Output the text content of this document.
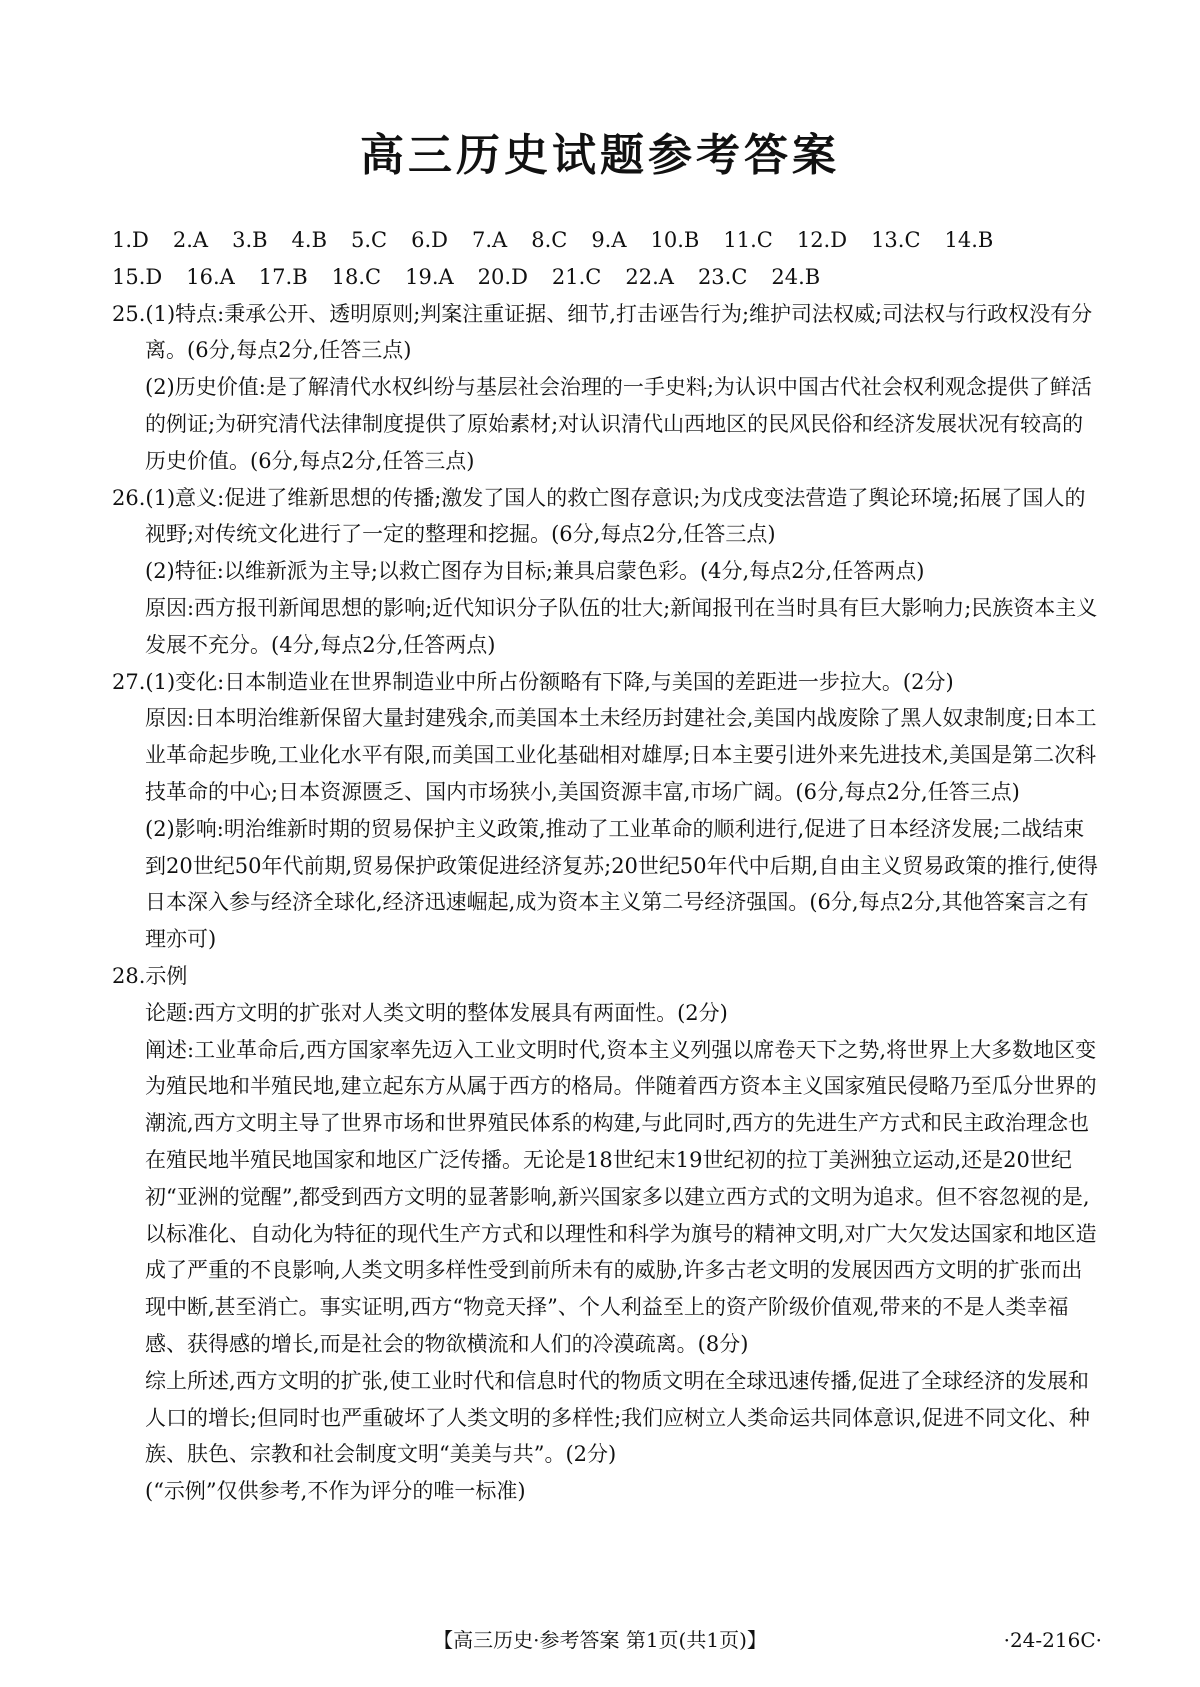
高三历史试题参考答案
1.D 2.A 3.B 4.B 5.C 6.D 7.A 8.C 9.A 10.B 11.C 12.D 13.C 14.B
15.D 16.A 17.B 18.C 19.A 20.D 21.C 22.A 23.C 24.B

25.(1)特点:秉承公开、透明原则;判案注重证据、细节,打击诬告行为;维护司法权威;司法权与行政权没有分离。(6分,每点2分,任答三点)

(2)历史价值:是了解清代水权纠纷与基层社会治理的一手史料;为认识中国古代社会权利观念提供了鲜活的例证;为研究清代法律制度提供了原始素材;对认识清代山西地区的民风民俗和经济发展状况有较高的历史价值。(6分,每点2分,任答三点)

26.(1)意义:促进了维新思想的传播;激发了国人的救亡图存意识;为戊戌变法营造了舆论环境;拓展了国人的视野;对传统文化进行了一定的整理和挖掘。(6分,每点2分,任答三点)

(2)特征:以维新派为主导;以救亡图存为目标;兼具启蒙色彩。(4分,每点2分,任答两点)

原因:西方报刊新闻思想的影响;近代知识分子队伍的壮大;新闻报刊在当时具有巨大影响力;民族资本主义发展不充分。(4分,每点2分,任答两点)

27.(1)变化:日本制造业在世界制造业中所占份额略有下降,与美国的差距进一步拉大。(2分)

原因:日本明治维新保留大量封建残余,而美国本土未经历封建社会,美国内战废除了黑人奴隶制度;日本工业革命起步晚,工业化水平有限,而美国工业化基础相对雄厚;日本主要引进外来先进技术,美国是第二次科技革命的中心;日本资源匮乏、国内市场狭小,美国资源丰富,市场广阔。(6分,每点2分,任答三点)

(2)影响:明治维新时期的贸易保护主义政策,推动了工业革命的顺利进行,促进了日本经济发展;二战结束到20世纪50年代前期,贸易保护政策促进经济复苏;20世纪50年代中后期,自由主义贸易政策的推行,使得日本深入参与经济全球化,经济迅速崛起,成为资本主义第二号经济强国。(6分,每点2分,其他答案言之有理亦可)

28.示例

论题:西方文明的扩张对人类文明的整体发展具有两面性。(2分)

阐述:工业革命后,西方国家率先迈入工业文明时代,资本主义列强以席卷天下之势,将世界上大多数地区变为殖民地和半殖民地,建立起东方从属于西方的格局。伴随着西方资本主义国家殖民侵略乃至瓜分世界的潮流,西方文明主导了世界市场和世界殖民体系的构建,与此同时,西方的先进生产方式和民主政治理念也在殖民地半殖民地国家和地区广泛传播。无论是18世纪末19世纪初的拉丁美洲独立运动,还是20世纪初“亚洲的觉醒”,都受到西方文明的显著影响,新兴国家多以建立西方式的文明为追求。但不容忽视的是,以标准化、自动化为特征的现代生产方式和以理性和科学为旗号的精神文明,对广大欠发达国家和地区造成了严重的不良影响,人类文明多样性受到前所未有的威胁,许多古老文明的发展因西方文明的扩张而出现中断,甚至消亡。事实证明,西方“物竞天择”、个人利益至上的资产阶级价值观,带来的不是人类幸福感、获得感的增长,而是社会的物欲横流和人们的冷漠疏离。(8分)

综上所述,西方文明的扩张,使工业时代和信息时代的物质文明在全球迅速传播,促进了全球经济的发展和人口的增长;但同时也严重破坏了人类文明的多样性;我们应树立人类命运共同体意识,促进不同文化、种族、肤色、宗教和社会制度文明“美美与共”。(2分)

(“示例”仅供参考,不作为评分的唯一标准)

【高三历史·参考答案 第1页(共1页)】	·24-216C·
